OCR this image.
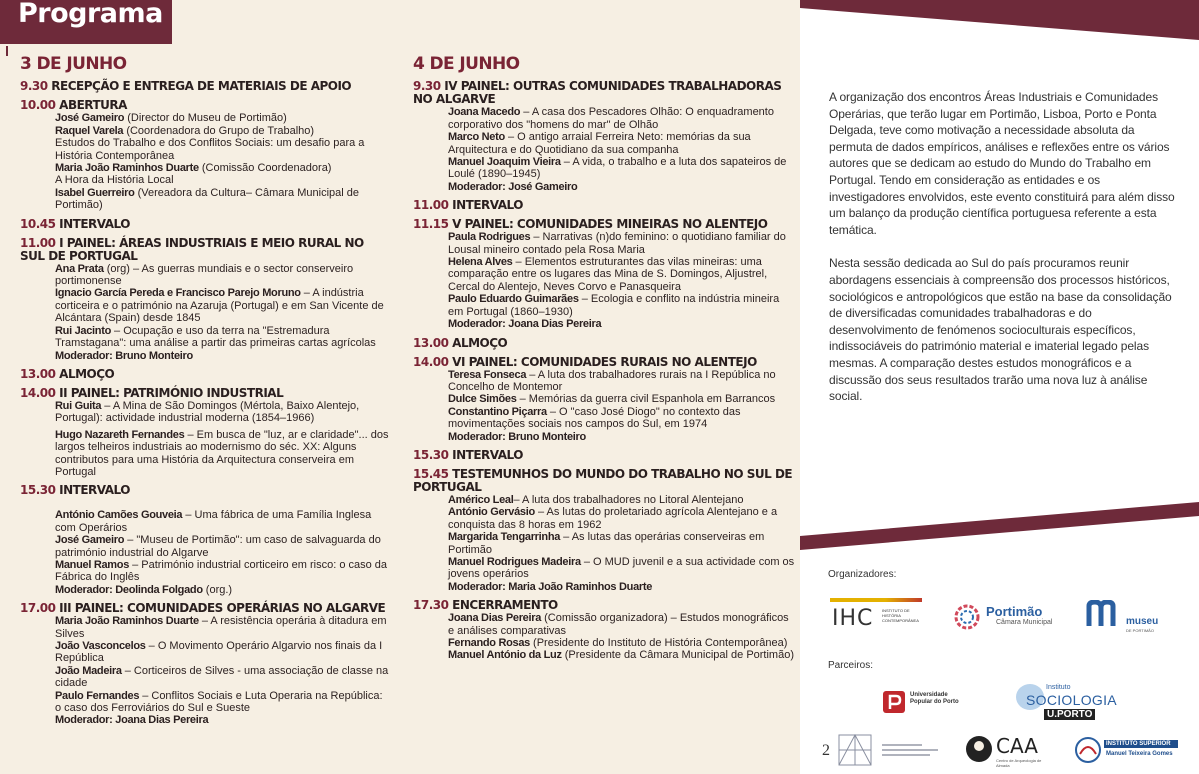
Programa
3 DE JUNHO
9.30 RECEPÇÃO E ENTREGA DE MATERIAIS DE APOIO
10.00 ABERTURA
José Gameiro (Director do Museu de Portimão)
Raquel Varela (Coordenadora do Grupo de Trabalho)
Estudos do Trabalho e dos Conflitos Sociais: um desafio para a História Contemporânea
Maria João Raminhos Duarte (Comissão Coordenadora)
A Hora da História Local
Isabel Guerreiro (Vereadora da Cultura– Câmara Municipal de Portimão)
10.45 INTERVALO
11.00 I PAINEL: ÁREAS INDUSTRIAIS E MEIO RURAL NO SUL DE PORTUGAL
Ana Prata (org) – As guerras mundiais e o sector conserveiro portimonense
Ignacio García Pereda e Francisco Parejo Moruno – A indústria corticeira e o património na Azaruja (Portugal) e em San Vicente de Alcántara (Spain) desde 1845
Rui Jacinto – Ocupação e uso da terra na "Estremadura Tramstagana": uma análise a partir das primeiras cartas agrícolas
Moderador: Bruno Monteiro
13.00 ALMOÇO
14.00 II PAINEL: PATRIMÓNIO INDUSTRIAL
Rui Guita – A Mina de São Domingos (Mértola, Baixo Alentejo, Portugal): actividade industrial moderna (1854–1966)
Hugo Nazareth Fernandes – Em busca de "luz, ar e claridade"... dos largos telheiros industriais ao modernismo do séc. XX: Alguns contributos para uma História da Arquitectura conserveira em Portugal
15.30 INTERVALO
António Camões Gouveia – Uma fábrica de uma Família Inglesa com Operários
José Gameiro – "Museu de Portimão": um caso de salvaguarda do património industrial do Algarve
Manuel Ramos – Património industrial corticeiro em risco: o caso da Fábrica do Inglês
Moderador: Deolinda Folgado (org.)
17.00 III PAINEL: COMUNIDADES OPERÁRIAS NO ALGARVE
Maria João Raminhos Duarte – A resistência operária à ditadura em Silves
João Vasconcelos – O Movimento Operário Algarvio nos finais da I República
João Madeira – Corticeiros de Silves - uma associação de classe na cidade
Paulo Fernandes – Conflitos Sociais e Luta Operaria na República: o caso dos Ferroviários do Sul e Sueste
Moderador: Joana Dias Pereira
4 DE JUNHO
9.30 IV PAINEL: OUTRAS COMUNIDADES TRABALHADORAS NO ALGARVE
Joana Macedo – A casa dos Pescadores Olhão: O enquadramento corporativo dos "homens do mar" de Olhão
Marco Neto – O antigo arraial Ferreira Neto: memórias da sua Arquitectura e do Quotidiano da sua companha
Manuel Joaquim Vieira – A vida, o trabalho e a luta dos sapateiros de Loulé (1890–1945)
Moderador: José Gameiro
11.00 INTERVALO
11.15 V PAINEL: COMUNIDADES MINEIRAS NO ALENTEJO
Paula Rodrigues – Narrativas (n)do feminino: o quotidiano familiar do Lousal mineiro contado pela Rosa Maria
Helena Alves – Elementos estruturantes das vilas mineiras: uma comparação entre os lugares das Mina de S. Domingos, Aljustrel, Cercal do Alentejo, Neves Corvo e Panasqueira
Paulo Eduardo Guimarães – Ecologia e conflito na indústria mineira em Portugal (1860–1930)
Moderador: Joana Dias Pereira
13.00 ALMOÇO
14.00 VI PAINEL: COMUNIDADES RURAIS NO ALENTEJO
Teresa Fonseca – A luta dos trabalhadores rurais na I República no Concelho de Montemor
Dulce Simões – Memórias da guerra civil Espanhola em Barrancos
Constantino Piçarra – O "caso José Diogo" no contexto das movimentações sociais nos campos do Sul, em 1974
Moderador: Bruno Monteiro
15.30 INTERVALO
15.45 TESTEMUNHOS DO MUNDO DO TRABALHO NO SUL DE PORTUGAL
Américo Leal– A luta dos trabalhadores no Litoral Alentejano
António Gervásio – As lutas do proletariado agrícola Alentejano e a conquista das 8 horas em 1962
Margarida Tengarrinha – As lutas das operárias conserveiras em Portimão
Manuel Rodrigues Madeira – O MUD juvenil e a sua actividade com os jovens operários
Moderador: Maria João Raminhos Duarte
17.30 ENCERRAMENTO
Joana Dias Pereira (Comissão organizadora) – Estudos monográficos e análises comparativas
Fernando Rosas (Presidente do Instituto de História Contemporânea)
Manuel António da Luz (Presidente da Câmara Municipal de Portimão)

A organização dos encontros Áreas Industriais e Comunidades Operárias, que terão lugar em Portimão, Lisboa, Porto e Ponta Delgada, teve como motivação a necessidade absoluta da permuta de dados empíricos, análises e reflexões entre os vários autores que se dedicam ao estudo do Mundo do Trabalho em Portugal. Tendo em consideração as entidades e os investigadores envolvidos, este evento constituirá para além disso um balanço da produção científica portuguesa referente a esta temática.

Nesta sessão dedicada ao Sul do país procuramos reunir abordagens essenciais à compreensão dos processos históricos, sociológicos e antropológicos que estão na base da consolidação de diversificadas comunidades trabalhadoras e do desenvolvimento de fenómenos socioculturais específicos, indissociáveis do património material e imaterial legado pelas mesmas. A comparação destes estudos monográficos e a discussão dos seus resultados trarão uma nova luz à análise social.

Organizadores:
Parceiros:
IHC INSTITUTO DE HISTÓRIA CONTEMPORÂNEA
Portimão
Câmara Municipal	museu
DE PORTIMÃO
Universidade Popular do Porto
Instituto
SOCIOLOGIA
U.PORTO
2	CAA
Centro de Arqueologia de Almada
INSTITUTO SUPERIOR
Manuel Teixeira Gomes
